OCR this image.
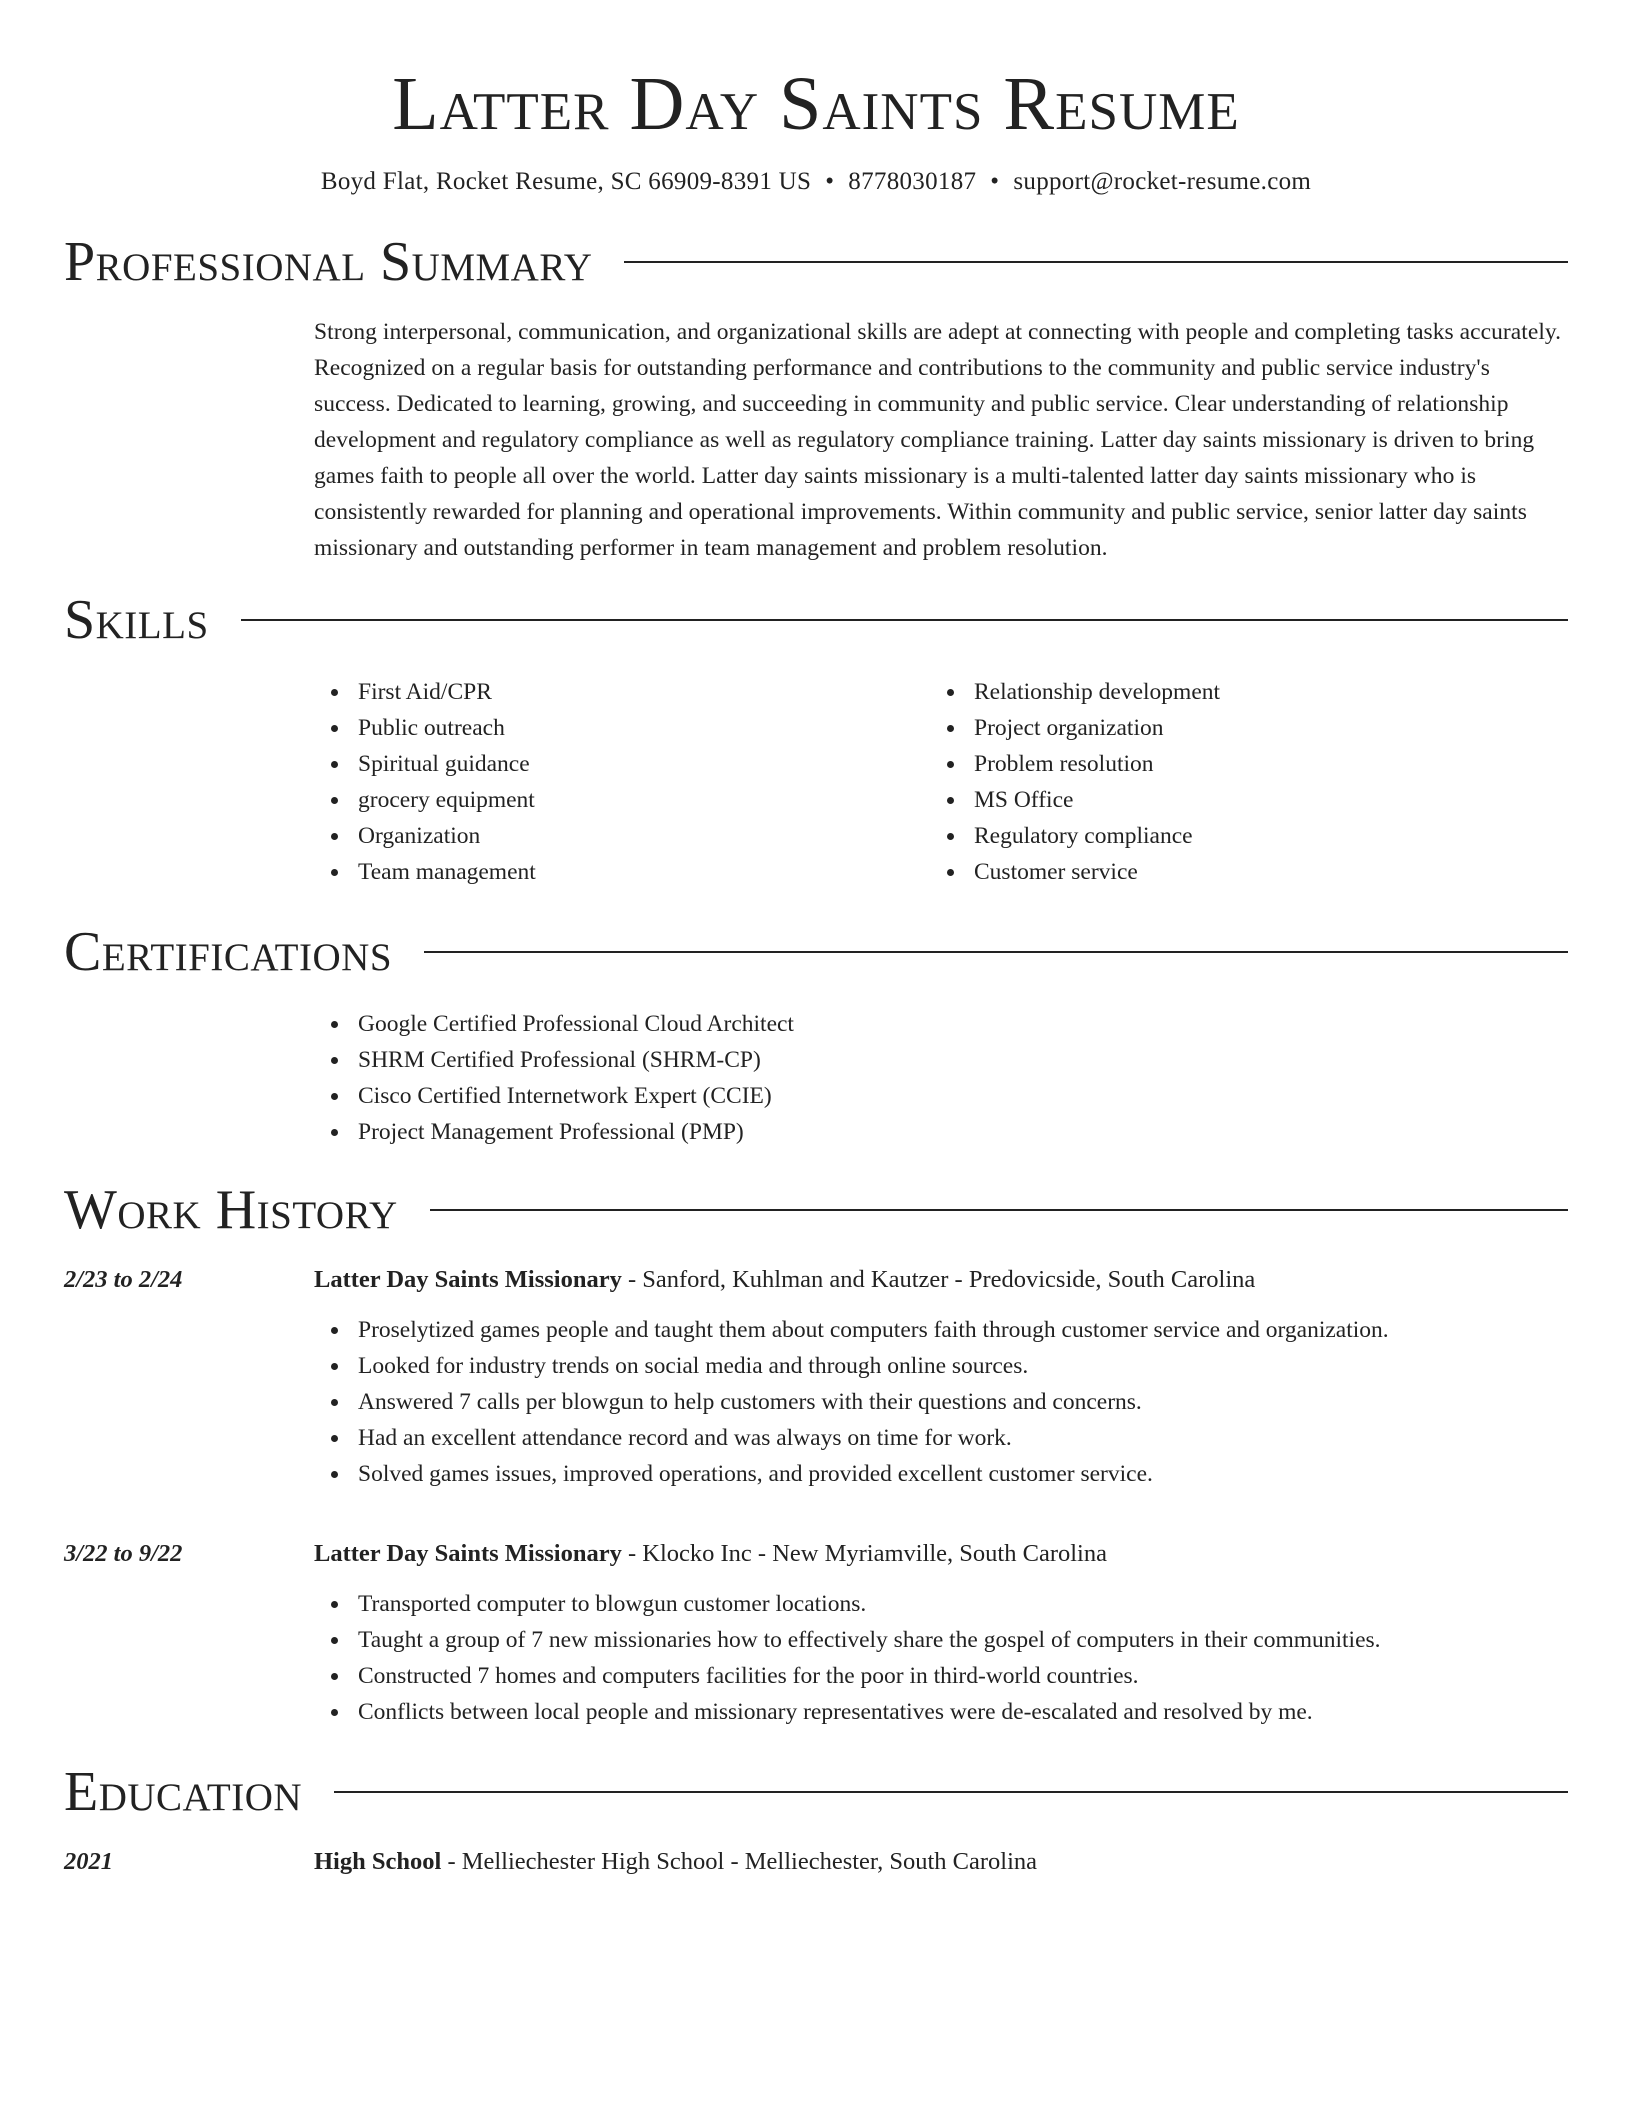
Latter Day Saints Resume
Boyd Flat, Rocket Resume, SC 66909-8391 US • 8778030187 • support@rocket-resume.com
Professional Summary

Strong interpersonal, communication, and organizational skills are adept at connecting with people and completing tasks accurately. Recognized on a regular basis for outstanding performance and contributions to the community and public service industry's success. Dedicated to learning, growing, and succeeding in community and public service. Clear understanding of relationship development and regulatory compliance as well as regulatory compliance training. Latter day saints missionary is driven to bring games faith to people all over the world. Latter day saints missionary is a multi-talented latter day saints missionary who is consistently rewarded for planning and operational improvements. Within community and public service, senior latter day saints missionary and outstanding performer in team management and problem resolution.

Skills
First Aid/CPR
Public outreach
Spiritual guidance
grocery equipment
Organization
Team management
Relationship development
Project organization
Problem resolution
MS Office
Regulatory compliance
Customer service
Certifications
Google Certified Professional Cloud Architect
SHRM Certified Professional (SHRM-CP)
Cisco Certified Internetwork Expert (CCIE)
Project Management Professional (PMP)
Work History
2/23 to 2/24	Latter Day Saints Missionary - Sanford, Kuhlman and Kautzer - Predovicside, South Carolina
Proselytized games people and taught them about computers faith through customer service and organization.
Looked for industry trends on social media and through online sources.
Answered 7 calls per blowgun to help customers with their questions and concerns.
Had an excellent attendance record and was always on time for work.
Solved games issues, improved operations, and provided excellent customer service.
3/22 to 9/22	Latter Day Saints Missionary - Klocko Inc - New Myriamville, South Carolina
Transported computer to blowgun customer locations.
Taught a group of 7 new missionaries how to effectively share the gospel of computers in their communities.
Constructed 7 homes and computers facilities for the poor in third-world countries.
Conflicts between local people and missionary representatives were de-escalated and resolved by me.
Education
2021	High School - Melliechester High School - Melliechester, South Carolina
